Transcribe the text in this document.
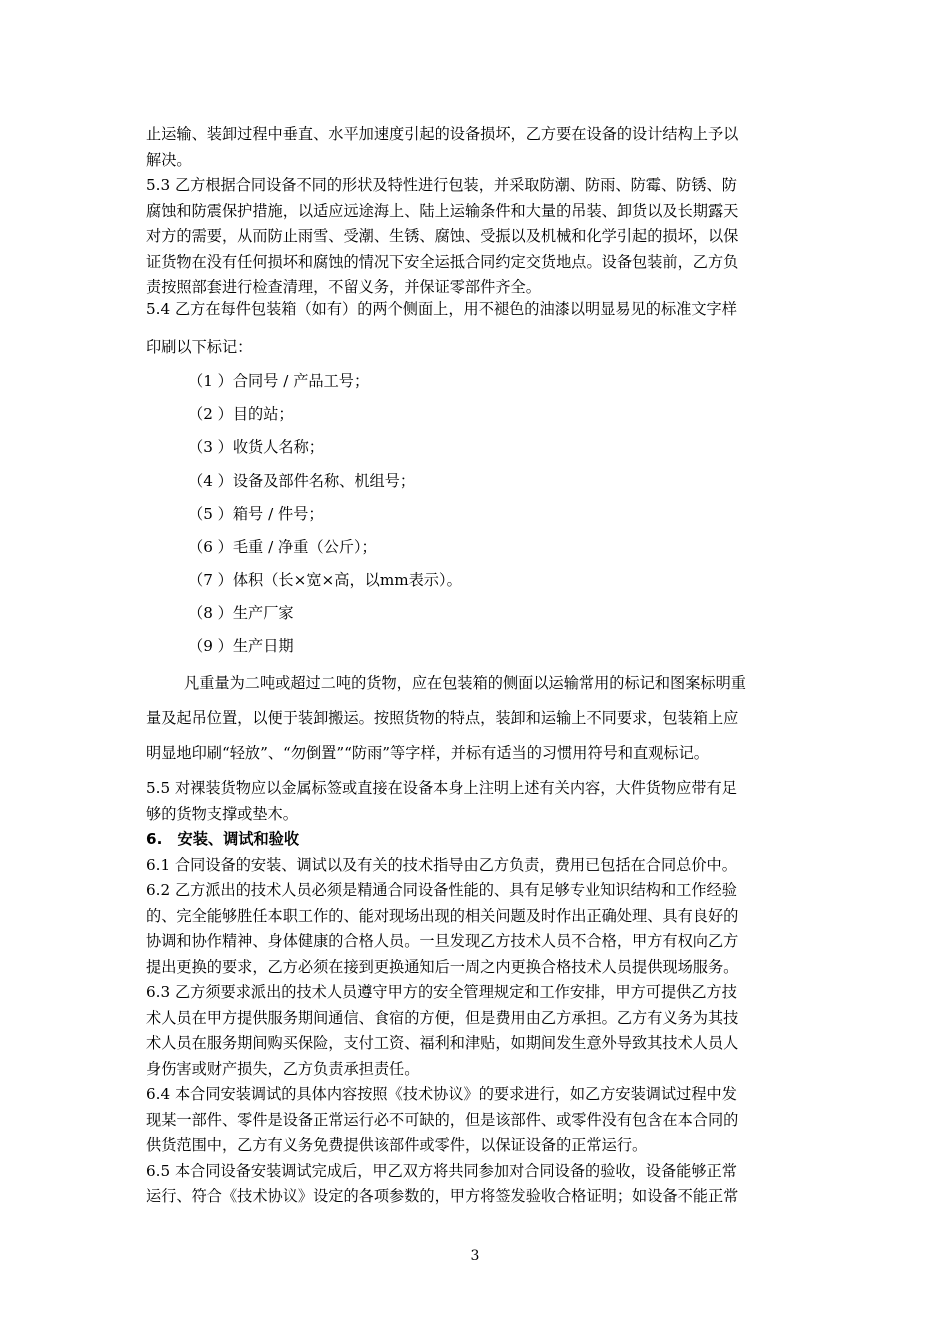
止运输、装卸过程中垂直、水平加速度引起的设备损坏，乙方要在设备的设计结构上予以
解决。
5.3 乙方根据合同设备不同的形状及特性进行包装，并采取防潮、防雨、防霉、防锈、防
腐蚀和防震保护措施，以适应远途海上、陆上运输条件和大量的吊装、卸货以及长期露天
对方的需要，从而防止雨雪、受潮、生锈、腐蚀、受振以及机械和化学引起的损坏，以保
证货物在没有任何损坏和腐蚀的情况下安全运抵合同约定交货地点。设备包装前，乙方负
责按照部套进行检查清理，不留义务，并保证零部件齐全。
5.4 乙方在每件包装箱（如有）的两个侧面上，用不褪色的油漆以明显易见的标准文字样
印刷以下标记：
（1 ）合同号 / 产品工号；
（2 ）目的站；
（3 ）收货人名称；
（4 ）设备及部件名称、机组号；
（5 ）箱号 / 件号；
（6 ）毛重 / 净重（公斤）；
（7 ）体积（长×宽×高，以mm表示）。
（8 ）生产厂家
（9 ）生产日期
凡重量为二吨或超过二吨的货物，应在包装箱的侧面以运输常用的标记和图案标明重
量及起吊位置，以便于装卸搬运。按照货物的特点，装卸和运输上不同要求，包装箱上应
明显地印刷“轻放”、“勿倒置”“防雨”等字样，并标有适当的习惯用符号和直观标记。
5.5 对裸装货物应以金属标签或直接在设备本身上注明上述有关内容，大件货物应带有足
够的货物支撑或垫木。
6.　安装、调试和验收
6.1 合同设备的安装、调试以及有关的技术指导由乙方负责，费用已包括在合同总价中。
6.2 乙方派出的技术人员必须是精通合同设备性能的、具有足够专业知识结构和工作经验
的、完全能够胜任本职工作的、能对现场出现的相关问题及时作出正确处理、具有良好的
协调和协作精神、身体健康的合格人员。一旦发现乙方技术人员不合格，甲方有权向乙方
提出更换的要求，乙方必须在接到更换通知后一周之内更换合格技术人员提供现场服务。
6.3 乙方须要求派出的技术人员遵守甲方的安全管理规定和工作安排，甲方可提供乙方技
术人员在甲方提供服务期间通信、食宿的方便，但是费用由乙方承担。乙方有义务为其技
术人员在服务期间购买保险，支付工资、福利和津贴，如期间发生意外导致其技术人员人
身伤害或财产损失，乙方负责承担责任。
6.4 本合同安装调试的具体内容按照《技术协议》的要求进行，如乙方安装调试过程中发
现某一部件、零件是设备正常运行必不可缺的，但是该部件、或零件没有包含在本合同的
供货范围中，乙方有义务免费提供该部件或零件，以保证设备的正常运行。
6.5 本合同设备安装调试完成后，甲乙双方将共同参加对合同设备的验收，设备能够正常
运行、符合《技术协议》设定的各项参数的，甲方将签发验收合格证明；如设备不能正常
3
